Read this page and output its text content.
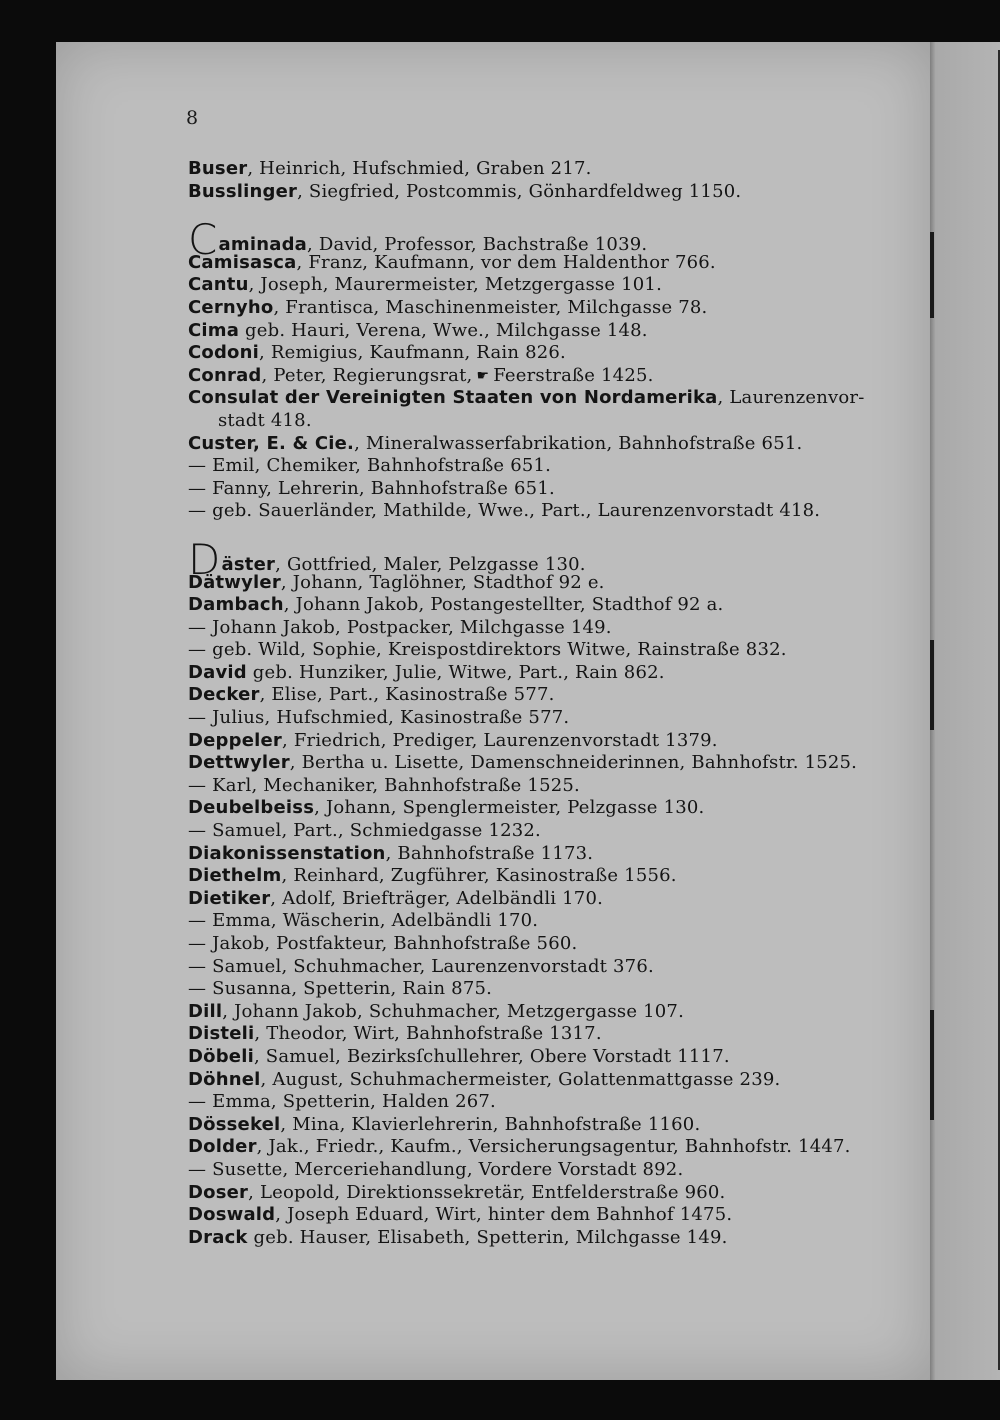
8
Buser, Heinrich, Hufschmied, Graben 217.
Busslinger, Siegfried, Postcommis, Gönhardfeldweg 1150.
Caminada, David, Professor, Bachstraße 1039.
Camisasca, Franz, Kaufmann, vor dem Haldenthor 766.
Cantu, Joseph, Maurermeister, Metzgergasse 101.
Cernyho, Frantisca, Maschinenmeister, Milchgasse 78.
Cima geb. Hauri, Verena, Wwe., Milchgasse 148.
Codoni, Remigius, Kaufmann, Rain 826.
Conrad, Peter, Regierungsrat, ☛ Feerstraße 1425.
Consulat der Vereinigten Staaten von Nordamerika, Laurenzenvor-
stadt 418.
Custer, E. & Cie., Mineralwasserfabrikation, Bahnhofstraße 651.
— Emil, Chemiker, Bahnhofstraße 651.
— Fanny, Lehrerin, Bahnhofstraße 651.
— geb. Sauerländer, Mathilde, Wwe., Part., Laurenzenvorstadt 418.
Däster, Gottfried, Maler, Pelzgasse 130.
Dätwyler, Johann, Taglöhner, Stadthof 92 e.
Dambach, Johann Jakob, Postangestellter, Stadthof 92 a.
— Johann Jakob, Postpacker, Milchgasse 149.
— geb. Wild, Sophie, Kreispostdirektors Witwe, Rainstraße 832.
David geb. Hunziker, Julie, Witwe, Part., Rain 862.
Decker, Elise, Part., Kasinostraße 577.
— Julius, Hufschmied, Kasinostraße 577.
Deppeler, Friedrich, Prediger, Laurenzenvorstadt 1379.
Dettwyler, Bertha u. Lisette, Damenschneiderinnen, Bahnhofstr. 1525.
— Karl, Mechaniker, Bahnhofstraße 1525.
Deubelbeiss, Johann, Spenglermeister, Pelzgasse 130.
— Samuel, Part., Schmiedgasse 1232.
Diakonissenstation, Bahnhofstraße 1173.
Diethelm, Reinhard, Zugführer, Kasinostraße 1556.
Dietiker, Adolf, Briefträger, Adelbändli 170.
— Emma, Wäscherin, Adelbändli 170.
— Jakob, Postfakteur, Bahnhofstraße 560.
— Samuel, Schuhmacher, Laurenzenvorstadt 376.
— Susanna, Spetterin, Rain 875.
Dill, Johann Jakob, Schuhmacher, Metzgergasse 107.
Disteli, Theodor, Wirt, Bahnhofstraße 1317.
Döbeli, Samuel, Bezirksſchullehrer, Obere Vorstadt 1117.
Döhnel, August, Schuhmachermeister, Golattenmattgasse 239.
— Emma, Spetterin, Halden 267.
Dössekel, Mina, Klavierlehrerin, Bahnhofstraße 1160.
Dolder, Jak., Friedr., Kaufm., Versicherungsagentur, Bahnhofstr. 1447.
— Susette, Merceriehandlung, Vordere Vorstadt 892.
Doser, Leopold, Direktionssekretär, Entfelderstraße 960.
Doswald, Joseph Eduard, Wirt, hinter dem Bahnhof 1475.
Drack geb. Hauser, Elisabeth, Spetterin, Milchgasse 149.
